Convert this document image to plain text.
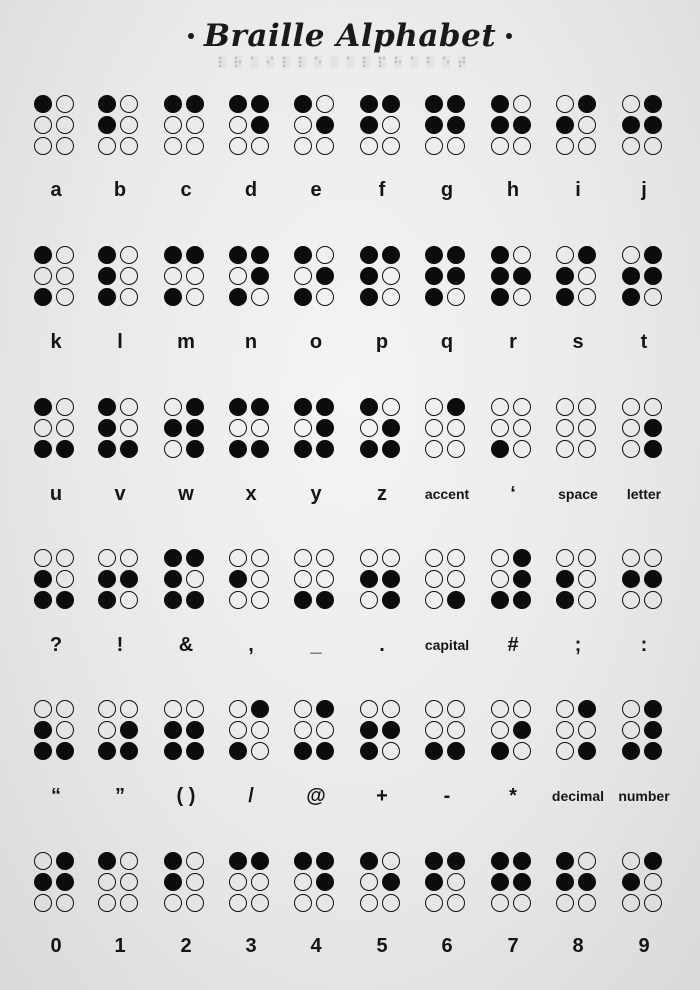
Braille Alphabet
a	b	c	d	e	f	g	h	i	j
k	l	m	n	o	p	q	r	s	t
u	v	w	x	y	z	accent	‘	space	letter
?	!	&	,	_	.	capital	#	;	:
“	”	( )	/	@	+	-	*	decimal	number
0	1	2	3	4	5	6	7	8	9
